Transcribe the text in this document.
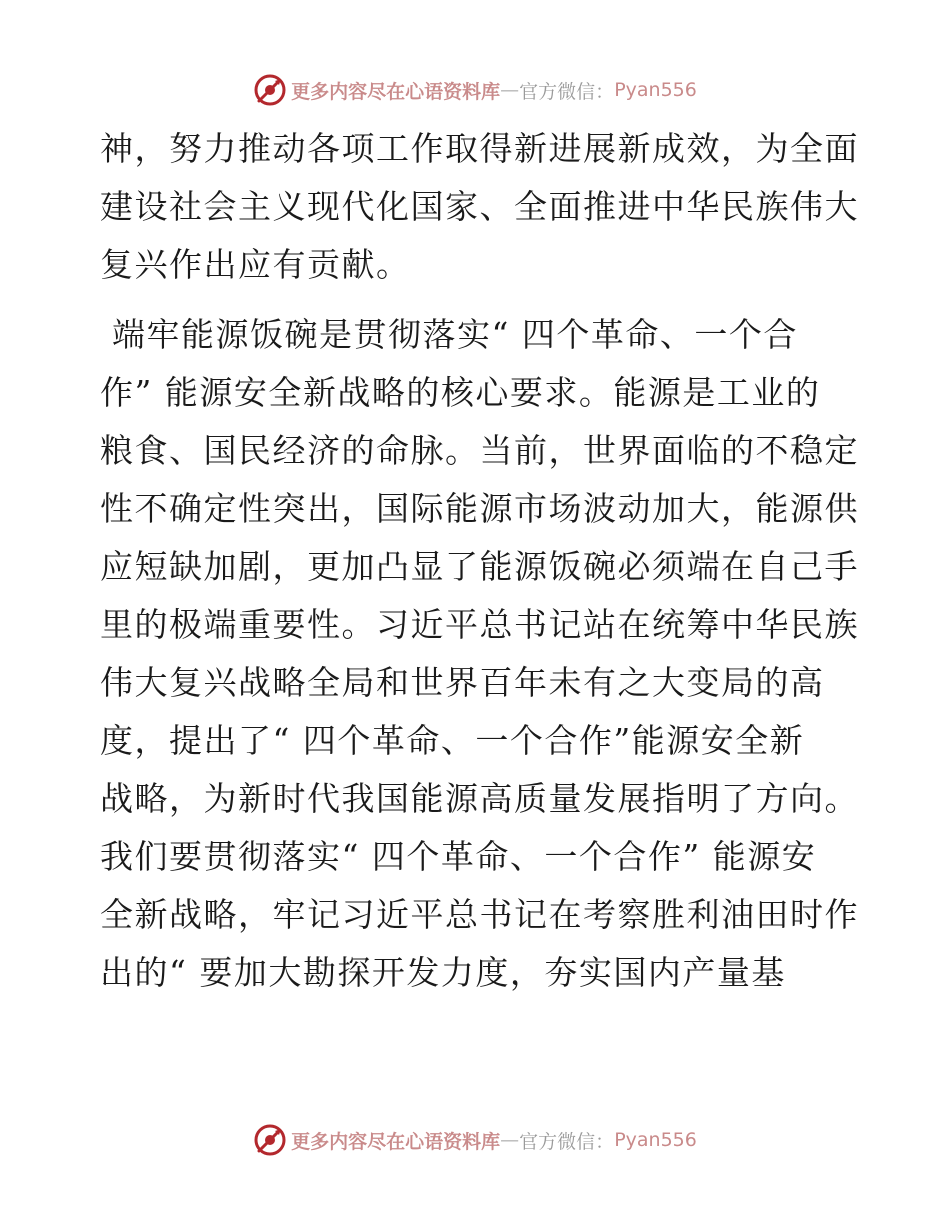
更多内容尽在心语资料库 — 官方微信： Pyan556
神，努力推动各项工作取得新进展新成效，为全面
建设社会主义现代化国家、全面推进中华民族伟大
复兴作出应有贡献。
端牢能源饭碗是贯彻落实“ 四个革命、一个合
作” 能源安全新战略的核心要求。能源是工业的
粮食、国民经济的命脉。当前，世界面临的不稳定
性不确定性突出，国际能源市场波动加大，能源供
应短缺加剧，更加凸显了能源饭碗必须端在自己手
里的极端重要性。习近平总书记站在统筹中华民族
伟大复兴战略全局和世界百年未有之大变局的高
度，提出了“ 四个革命、一个合作”能源安全新
战略，为新时代我国能源高质量发展指明了方向。
我们要贯彻落实“ 四个革命、一个合作” 能源安
全新战略，牢记习近平总书记在考察胜利油田时作
出的“ 要加大勘探开发力度，夯实国内产量基
更多内容尽在心语资料库 — 官方微信： Pyan556
